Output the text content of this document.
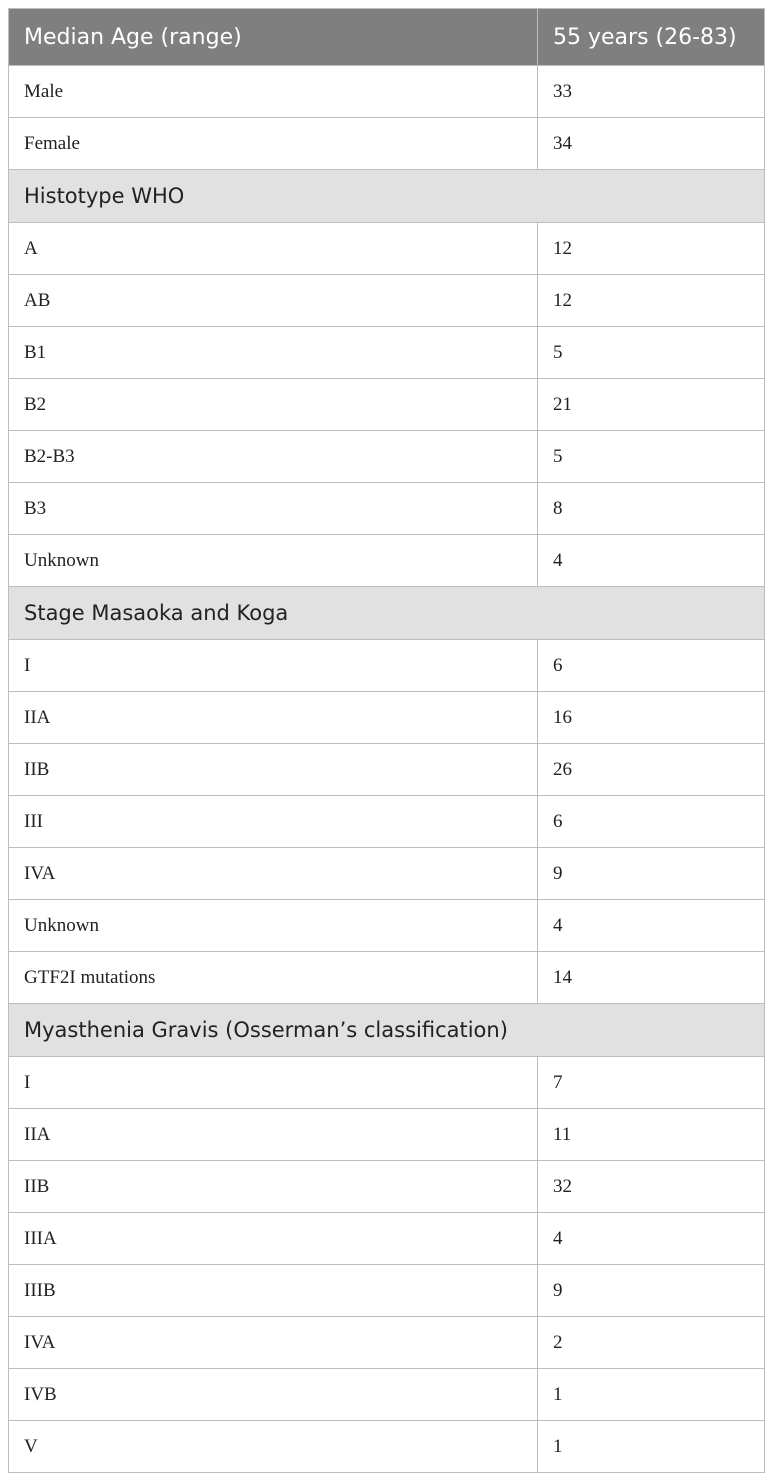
Median Age (range)	55 years (26-83)
Male	33
Female	34
Histotype WHO	
A	12
AB	12
B1	5
B2	21
B2-B3	5
B3	8
Unknown	4
Stage Masaoka and Koga	
I	6
IIA	16
IIB	26
III	6
IVA	9
Unknown	4
GTF2I mutations	14
Myasthenia Gravis (Osserman’s classification)	
I	7
IIA	11
IIB	32
IIIA	4
IIIB	9
IVA	2
IVB	1
V	1
